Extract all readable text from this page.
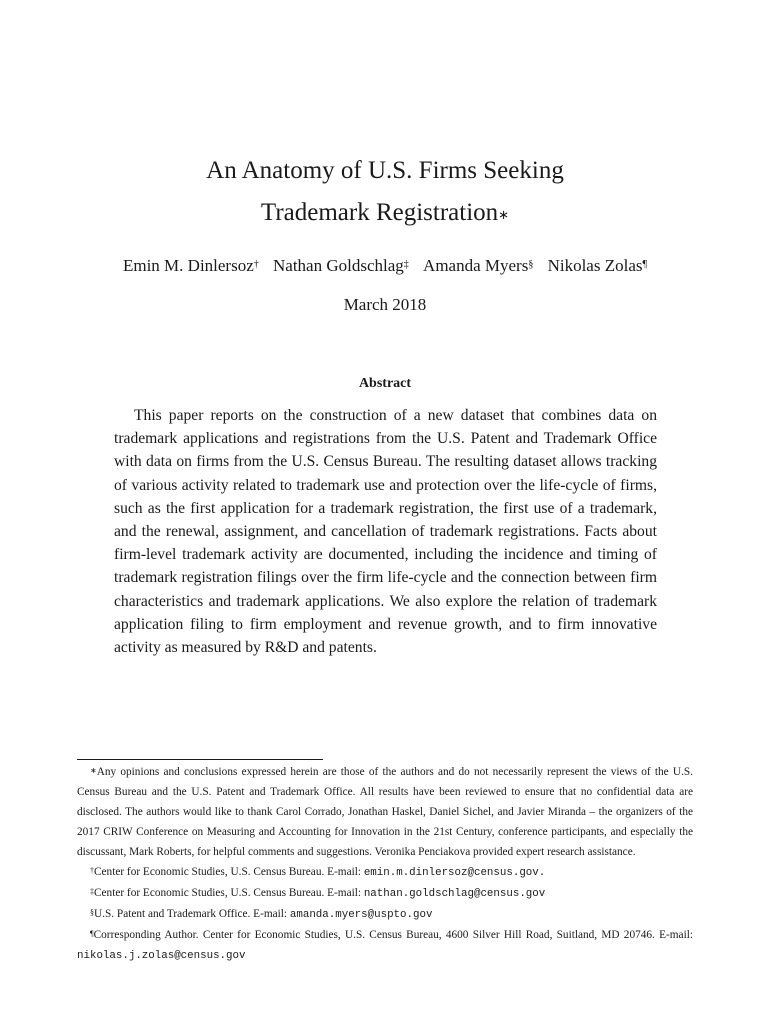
An Anatomy of U.S. Firms Seeking
Trademark Registration∗
Emin M. Dinlersoz† Nathan Goldschlag‡ Amanda Myers§ Nikolas Zolas¶
March 2018
Abstract

This paper reports on the construction of a new dataset that combines data on trademark applications and registrations from the U.S. Patent and Trademark Office with data on firms from the U.S. Census Bureau. The resulting dataset allows tracking of various activity related to trademark use and protection over the life-cycle of firms, such as the first application for a trademark registration, the first use of a trademark, and the renewal, assignment, and cancellation of trademark registrations. Facts about firm-level trademark activity are documented, including the incidence and timing of trademark registration filings over the firm life-cycle and the connection between firm characteristics and trademark applications. We also explore the relation of trademark application filing to firm employment and revenue growth, and to firm innovative activity as measured by R&D and patents.

∗Any opinions and conclusions expressed herein are those of the authors and do not necessarily represent the views of the U.S. Census Bureau and the U.S. Patent and Trademark Office. All results have been reviewed to ensure that no confidential data are disclosed. The authors would like to thank Carol Corrado, Jonathan Haskel, Daniel Sichel, and Javier Miranda – the organizers of the 2017 CRIW Conference on Measuring and Accounting for Innovation in the 21st Century, conference participants, and especially the discussant, Mark Roberts, for helpful comments and suggestions. Veronika Penciakova provided expert research assistance.

†Center for Economic Studies, U.S. Census Bureau. E-mail: emin.m.dinlersoz@census.gov.

‡Center for Economic Studies, U.S. Census Bureau. E-mail: nathan.goldschlag@census.gov

§U.S. Patent and Trademark Office. E-mail: amanda.myers@uspto.gov

¶Corresponding Author. Center for Economic Studies, U.S. Census Bureau, 4600 Silver Hill Road, Suitland, MD 20746. E-mail: nikolas.j.zolas@census.gov
